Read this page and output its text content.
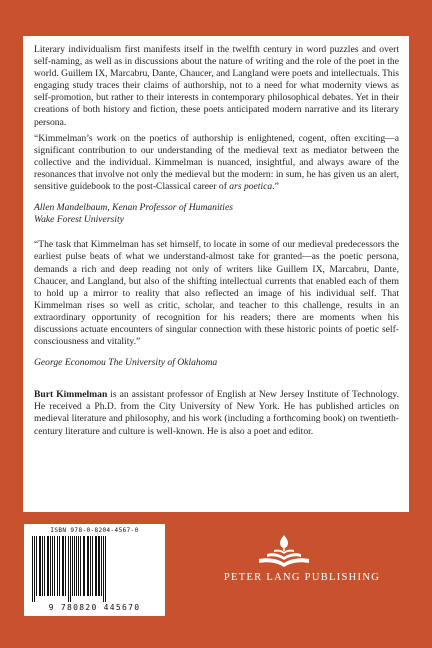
Literary individualism first manifests itself in the twelfth century in word puzzles and overt self-naming, as well as in discussions about the nature of writing and the role of the poet in the world. Guillem IX, Marcabru, Dante, Chaucer, and Langland were poets and intellectuals. This engaging study traces their claims of authorship, not to a need for what modernity views as self-promotion, but rather to their interests in contemporary philosophical debates. Yet in their creations of both history and fiction, these poets anticipated modern narrative and its literary persona.

“Kimmelman’s work on the poetics of authorship is enlightened, cogent, often exciting—a significant contribution to our understanding of the medieval text as mediator between the collective and the individual. Kimmelman is nuanced, insightful, and always aware of the resonances that involve not only the medieval but the modern: in sum, he has given us an alert, sensitive guidebook to the post-Classical career of ars poetica.”

Allen Mandelbaum, Kenan Professor of Humanities

Wake Forest University

“The task that Kimmelman has set himself, to locate in some of our medieval predecessors the earliest pulse beats of what we understand-almost take for granted—as the poetic persona, demands a rich and deep reading not only of writers like Guillem IX, Marcabru, Dante, Chaucer, and Langland, but also of the shifting intellectual currents that enabled each of them to hold up a mirror to reality that also reflected an image of his individual self. That Kimmelman rises so well as critic, scholar, and teacher to this challenge, results in an extraordinary opportunity of recognition for his readers; there are moments when his discussions actuate encounters of singular connection with these historic points of poetic self-consciousness and vitality.”

George Economou The University of Oklahoma

Burt Kimmelman is an assistant professor of English at New Jersey Institute of Technology. He received a Ph.D. from the City University of New York. He has published articles on medieval literature and philosophy, and his work (including a forthcoming book) on twentieth-century literature and culture is well-known. He is also a poet and editor.

ISBN 978-0-8204-4567-0
9 780820 445670
PETER LANG PUBLISHING
